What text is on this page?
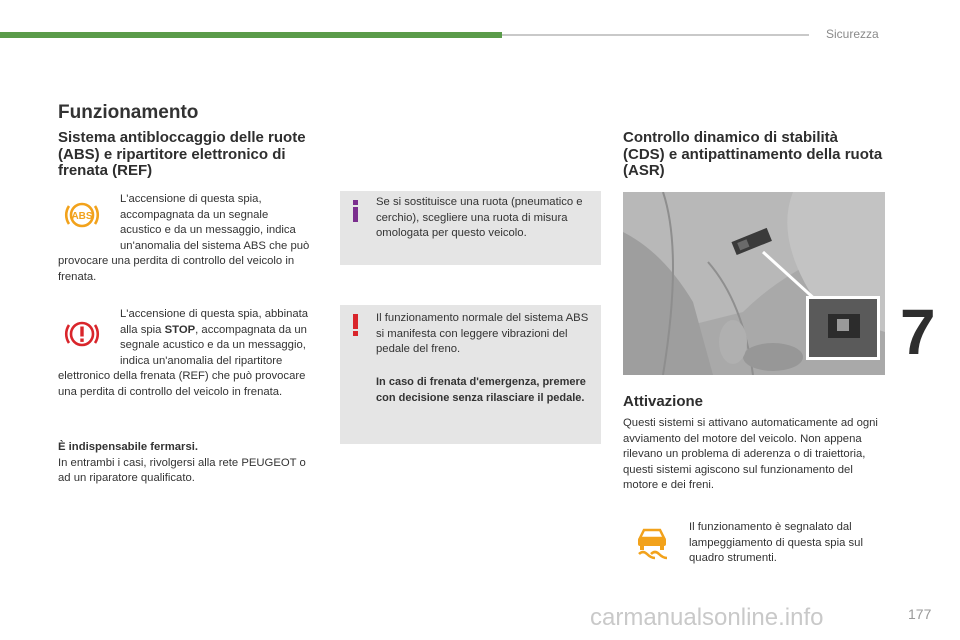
Sicurezza
7
Funzionamento
Sistema antibloccaggio delle ruote (ABS) e ripartitore elettronico di frenata (REF)
ABS
L'accensione di questa spia, accompagnata da un segnale acustico e da un messaggio, indica un'anomalia del sistema ABS che può provocare una perdita di controllo del veicolo in frenata.
L'accensione di questa spia, abbinata alla spia STOP, accompagnata da un segnale acustico e da un messaggio, indica un'anomalia del ripartitore elettronico della frenata (REF) che può provocare una perdita di controllo del veicolo in frenata.
È indispensabile fermarsi.
In entrambi i casi, rivolgersi alla rete PEUGEOT o ad un riparatore qualificato.
Se si sostituisce una ruota (pneumatico e cerchio), scegliere una ruota di misura omologata per questo veicolo.
Il funzionamento normale del sistema ABS si manifesta con leggere vibrazioni del pedale del freno.
In caso di frenata d'emergenza, premere con decisione senza rilasciare il pedale.
Controllo dinamico di stabilità (CDS) e antipattinamento della ruota (ASR)
Attivazione
Questi sistemi si attivano automaticamente ad ogni avviamento del motore del veicolo. Non appena rilevano un problema di aderenza o di traiettoria, questi sistemi agiscono sul funzionamento del motore e dei freni.
Il funzionamento è segnalato dal lampeggiamento di questa spia sul quadro strumenti.
177
carmanualsonline.info
